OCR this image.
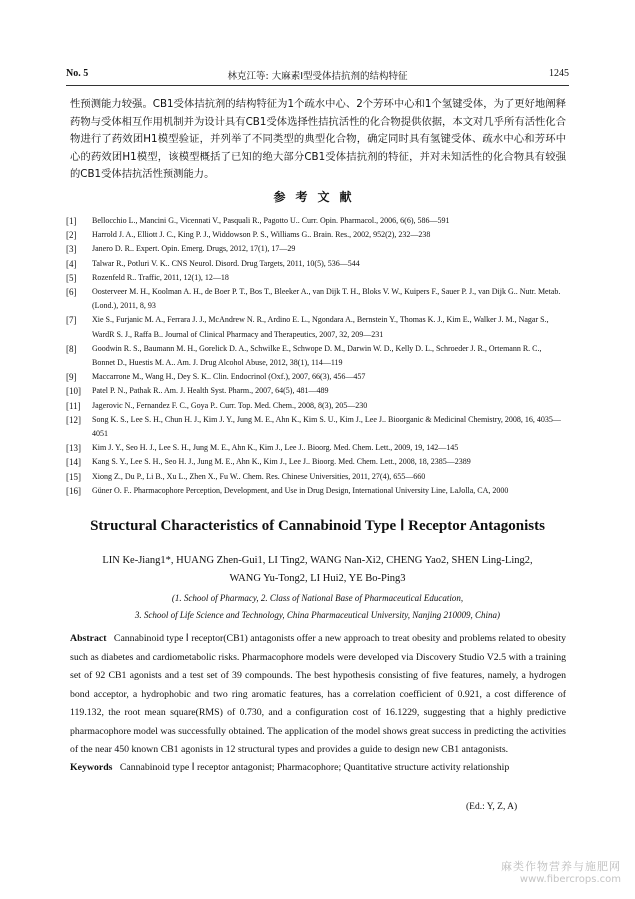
No. 5	林克江等: 大麻素Ⅰ型受体拮抗剂的结构特征	1245
性预测能力较强。CB1受体拮抗剂的结构特征为1个疏水中心、2个芳环中心和1个氢键受体，为了更好地阐释药物与受体相互作用机制并为设计具有CB1受体选择性拮抗活性的化合物提供依据，本文对几乎所有活性化合物进行了药效团H1模型验证，并列举了不同类型的典型化合物，确定同时具有氢键受体、疏水中心和芳环中心的药效团H1模型，该模型概括了已知的绝大部分CB1受体拮抗剂的特征，并对未知活性的化合物具有较强的CB1受体拮抗活性预测能力。
参考文献
[1] Bellocchio L., Mancini G., Vicennati V., Pasquali R., Pagotto U.. Curr. Opin. Pharmacol., 2006, 6(6), 586—591
[2] Harrold J. A., Elliott J. C., King P. J., Widdowson P. S., Williams G.. Brain. Res., 2002, 952(2), 232—238
[3] Janero D. R.. Expert. Opin. Emerg. Drugs, 2012, 17(1), 17—29
[4] Talwar R., Potluri V. K.. CNS Neurol. Disord. Drug Targets, 2011, 10(5), 536—544
[5] Rozenfeld R.. Traffic, 2011, 12(1), 12—18
[6] Oosterveer M. H., Koolman A. H., de Boer P. T., Bos T., Bleeker A., van Dijk T. H., Bloks V. W., Kuipers F., Sauer P. J., van Dijk G.. Nutr. Metab. (Lond.), 2011, 8, 93
[7] Xie S., Furjanic M. A., Ferrara J. J., McAndrew N. R., Ardino E. L., Ngondara A., Bernstein Y., Thomas K. J., Kim E., Walker J. M., Nagar S., WardR S. J., Raffa B.. Journal of Clinical Pharmacy and Therapeutics, 2007, 32, 209—231
[8] Goodwin R. S., Baumann M. H., Gorelick D. A., Schwilke E., Schwope D. M., Darwin W. D., Kelly D. L., Schroeder J. R., Ortemann R. C., Bonnet D., Huestis M. A.. Am. J. Drug Alcohol Abuse, 2012, 38(1), 114—119
[9] Maccarrone M., Wang H., Dey S. K.. Clin. Endocrinol (Oxf.), 2007, 66(3), 456—457
[10] Patel P. N., Pathak R.. Am. J. Health Syst. Pharm., 2007, 64(5), 481—489
[11] Jagerovic N., Fernandez F. C., Goya P.. Curr. Top. Med. Chem., 2008, 8(3), 205—230
[12] Song K. S., Lee S. H., Chun H. J., Kim J. Y., Jung M. E., Ahn K., Kim S. U., Kim J., Lee J.. Bioorganic & Medicinal Chemistry, 2008, 16, 4035—4051
[13] Kim J. Y., Seo H. J., Lee S. H., Jung M. E., Ahn K., Kim J., Lee J.. Bioorg. Med. Chem. Lett., 2009, 19, 142—145
[14] Kang S. Y., Lee S. H., Seo H. J., Jung M. E., Ahn K., Kim J., Lee J.. Bioorg. Med. Chem. Lett., 2008, 18, 2385—2389
[15] Xiong Z., Du P., Li B., Xu L., Zhen X., Fu W.. Chem. Res. Chinese Universities, 2011, 27(4), 655—660
[16] Güner O. F.. Pharmacophore Perception, Development, and Use in Drug Design, International University Line, LaJolla, CA, 2000
Structural Characteristics of Cannabinoid Type Ⅰ Receptor Antagonists
LIN Ke-Jiang1*, HUANG Zhen-Gui1, LI Ting2, WANG Nan-Xi2, CHENG Yao2, SHEN Ling-Ling2,
WANG Yu-Tong2, LI Hui2, YE Bo-Ping3
(1. School of Pharmacy, 2. Class of National Base of Pharmaceutical Education,
3. School of Life Science and Technology, China Pharmaceutical University, Nanjing 210009, China)
Abstract Cannabinoid type Ⅰ receptor(CB1) antagonists offer a new approach to treat obesity and problems related to obesity such as diabetes and cardiometabolic risks. Pharmacophore models were developed via Discovery Studio V2.5 with a training set of 92 CB1 agonists and a test set of 39 compounds. The best hypothesis consisting of five features, namely, a hydrogen bond acceptor, a hydrophobic and two ring aromatic features, has a correlation coefficient of 0.921, a cost difference of 119.132, the root mean square(RMS) of 0.730, and a configuration cost of 16.1229, suggesting that a highly predictive pharmacophore model was successfully obtained. The application of the model shows great success in predicting the activities of the near 450 known CB1 agonists in 12 structural types and provides a guide to design new CB1 antagonists.
Keywords Cannabinoid type Ⅰ receptor antagonist; Pharmacophore; Quantitative structure activity relationship
(Ed.: Y, Z, A)
麻类作物营养与施肥网
www.fibercrops.com
